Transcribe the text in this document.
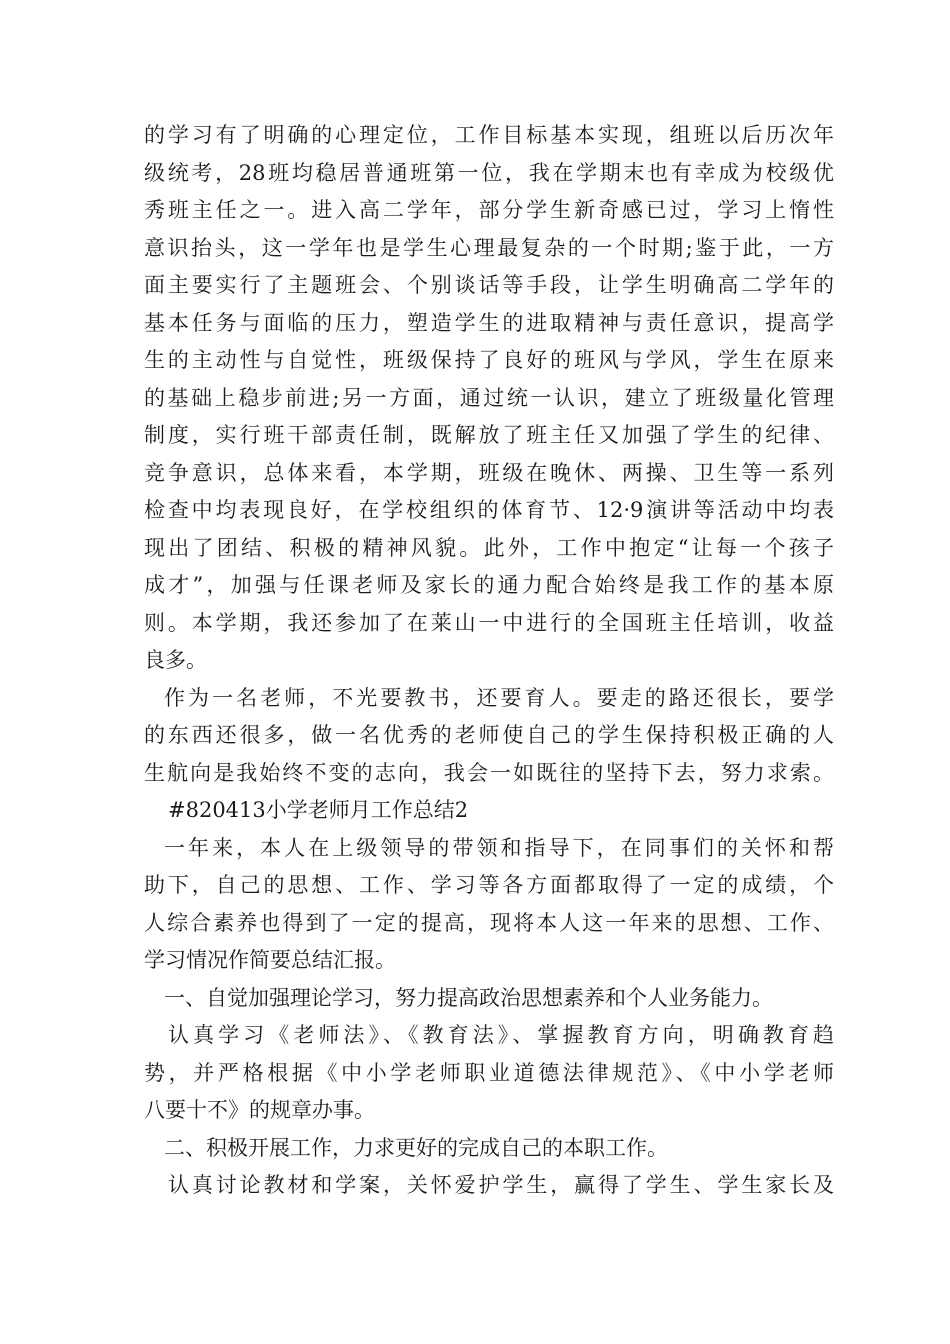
的学习有了明确的心理定位，工作目标基本实现，组班以后历次年
级统考，28班均稳居普通班第一位，我在学期末也有幸成为校级优
秀班主任之一。进入高二学年，部分学生新奇感已过，学习上惰性
意识抬头，这一学年也是学生心理最复杂的一个时期;鉴于此，一方
面主要实行了主题班会、个别谈话等手段，让学生明确高二学年的
基本任务与面临的压力，塑造学生的进取精神与责任意识，提高学
生的主动性与自觉性，班级保持了良好的班风与学风，学生在原来
的基础上稳步前进;另一方面，通过统一认识，建立了班级量化管理
制度，实行班干部责任制，既解放了班主任又加强了学生的纪律、
竞争意识，总体来看，本学期，班级在晚休、两操、卫生等一系列
检查中均表现良好，在学校组织的体育节、12·9演讲等活动中均表
现出了团结、积极的精神风貌。此外，工作中抱定“让每一个孩子
成才”，加强与任课老师及家长的通力配合始终是我工作的基本原
则。本学期，我还参加了在莱山一中进行的全国班主任培训，收益
良多。
作为一名老师，不光要教书，还要育人。要走的路还很长，要学
的东西还很多，做一名优秀的老师使自己的学生保持积极正确的人
生航向是我始终不变的志向，我会一如既往的坚持下去，努力求索。
#820413小学老师月工作总结2
一年来，本人在上级领导的带领和指导下，在同事们的关怀和帮
助下，自己的思想、工作、学习等各方面都取得了一定的成绩，个
人综合素养也得到了一定的提高，现将本人这一年来的思想、工作、
学习情况作简要总结汇报。
一、自觉加强理论学习，努力提高政治思想素养和个人业务能力。
认真学习《老师法》、《教育法》、掌握教育方向，明确教育趋
势，并严格根据《中小学老师职业道德法律规范》、《中小学老师
八要十不》的规章办事。
二、积极开展工作，力求更好的完成自己的本职工作。
认真讨论教材和学案，关怀爱护学生，赢得了学生、学生家长及
